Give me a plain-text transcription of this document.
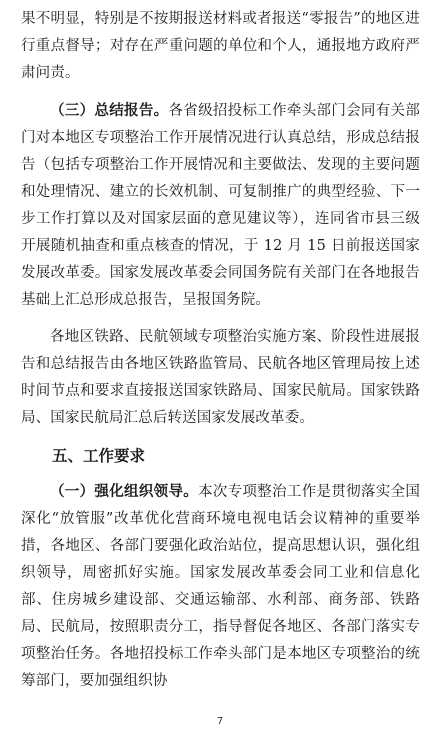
果不明显，特别是不按期报送材料或者报送“零报告”的地区进行重点督导；对存在严重问题的单位和个人，通报地方政府严肃问责。

（三）总结报告。各省级招投标工作牵头部门会同有关部门对本地区专项整治工作开展情况进行认真总结，形成总结报告（包括专项整治工作开展情况和主要做法、发现的主要问题和处理情况、建立的长效机制、可复制推广的典型经验、下一步工作打算以及对国家层面的意见建议等），连同省市县三级开展随机抽查和重点核查的情况，于 12 月 15 日前报送国家发展改革委。国家发展改革委会同国务院有关部门在各地报告基础上汇总形成总报告，呈报国务院。

各地区铁路、民航领域专项整治实施方案、阶段性进展报告和总结报告由各地区铁路监管局、民航各地区管理局按上述时间节点和要求直接报送国家铁路局、国家民航局。国家铁路局、国家民航局汇总后转送国家发展改革委。

五、工作要求

（一）强化组织领导。本次专项整治工作是贯彻落实全国深化“放管服”改革优化营商环境电视电话会议精神的重要举措，各地区、各部门要强化政治站位，提高思想认识，强化组织领导，周密抓好实施。国家发展改革委会同工业和信息化部、住房城乡建设部、交通运输部、水利部、商务部、铁路局、民航局，按照职责分工，指导督促各地区、各部门落实专项整治任务。各地招投标工作牵头部门是本地区专项整治的统筹部门，要加强组织协

7
